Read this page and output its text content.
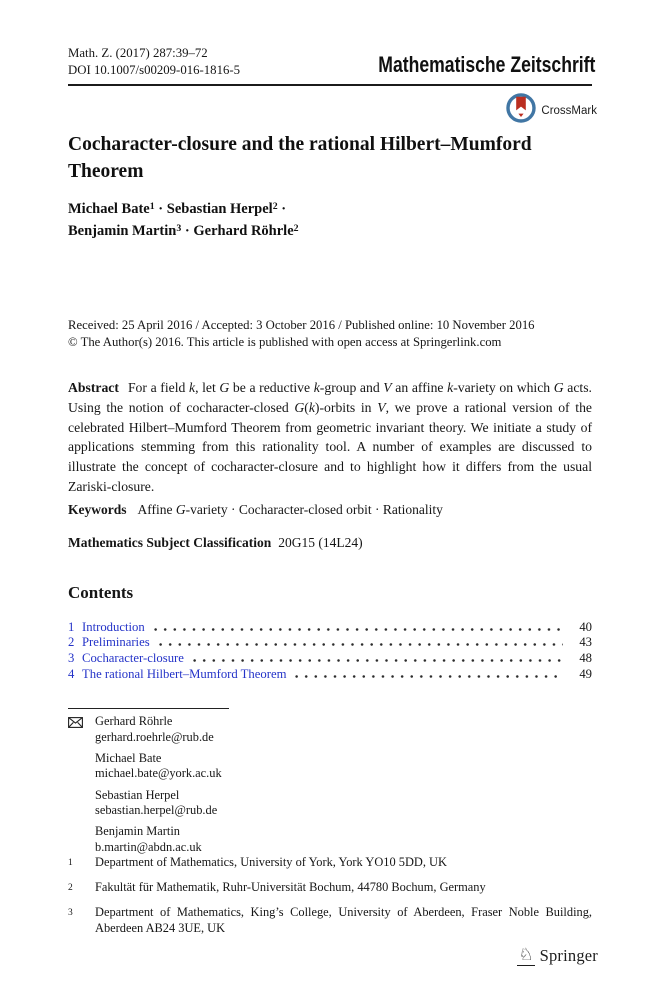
Math. Z. (2017) 287:39–72
DOI 10.1007/s00209-016-1816-5	Mathematische Zeitschrift
CrossMark
Cocharacter-closure and the rational Hilbert–Mumford
Theorem
Michael Bate$^1$ · Sebastian Herpel$^2$ ·
Benjamin Martin$^3$ · Gerhard Röhrle$^2$
Received: 25 April 2016 / Accepted: 3 October 2016 / Published online: 10 November 2016
© The Author(s) 2016. This article is published with open access at Springerlink.com

Abstract For a field k, let G be a reductive k-group and V an affine k-variety on which G acts. Using the notion of cocharacter-closed G(k)-orbits in V, we prove a rational version of the celebrated Hilbert–Mumford Theorem from geometric invariant theory. We initiate a study of applications stemming from this rationality tool. A number of examples are discussed to illustrate the concept of cocharacter-closure and to highlight how it differs from the usual Zariski-closure.

Keywords Affine G-variety · Cocharacter-closed orbit · Rationality

Mathematics Subject Classification 20G15 (14L24)

Contents
1 Introduction	40
2 Preliminaries	43
3 Cocharacter-closure	48
4 The rational Hilbert–Mumford Theorem	49
Gerhard Röhrle
gerhard.roehrle@rub.de
Michael Bate
michael.bate@york.ac.uk
Sebastian Herpel
sebastian.herpel@rub.de
Benjamin Martin
b.martin@abdn.ac.uk
1	Department of Mathematics, University of York, York YO10 5DD, UK
2	Fakultät für Mathematik, Ruhr-Universität Bochum, 44780 Bochum, Germany
3	Department of Mathematics, King’s College, University of Aberdeen, Fraser Noble Building, Aberdeen AB24 3UE, UK
♘ Springer
